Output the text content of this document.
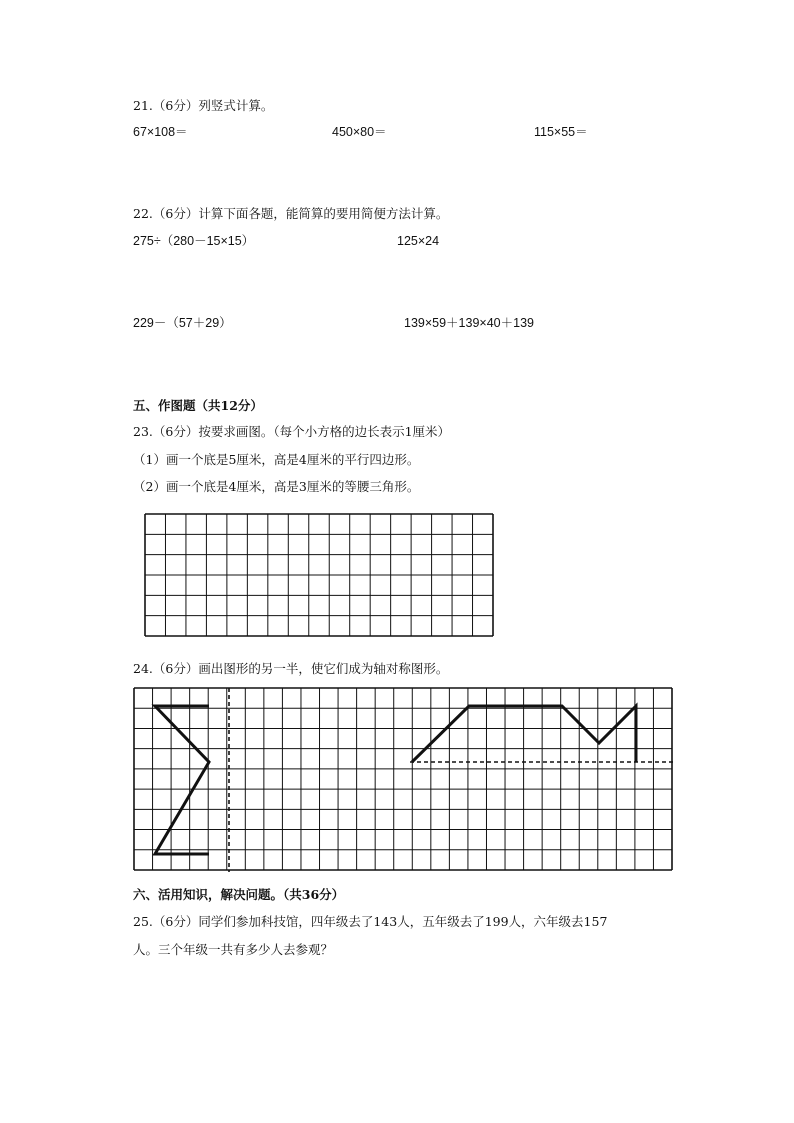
21.（6分）列竖式计算。
67×108＝	450×80＝	115×55＝
22.（6分）计算下面各题，能简算的要用简便方法计算。
275÷（280－15×15）	125×24
229－（57＋29）	139×59＋139×40＋139
五、作图题（共12分）
23.（6分）按要求画图。（每个小方格的边长表示1厘米）
（1）画一个底是5厘米，高是4厘米的平行四边形。
（2）画一个底是4厘米，高是3厘米的等腰三角形。
24.（6分）画出图形的另一半，使它们成为轴对称图形。
六、活用知识，解决问题。（共36分）
25.（6分）同学们参加科技馆，四年级去了143人，五年级去了199人，六年级去157
人。三个年级一共有多少人去参观？
